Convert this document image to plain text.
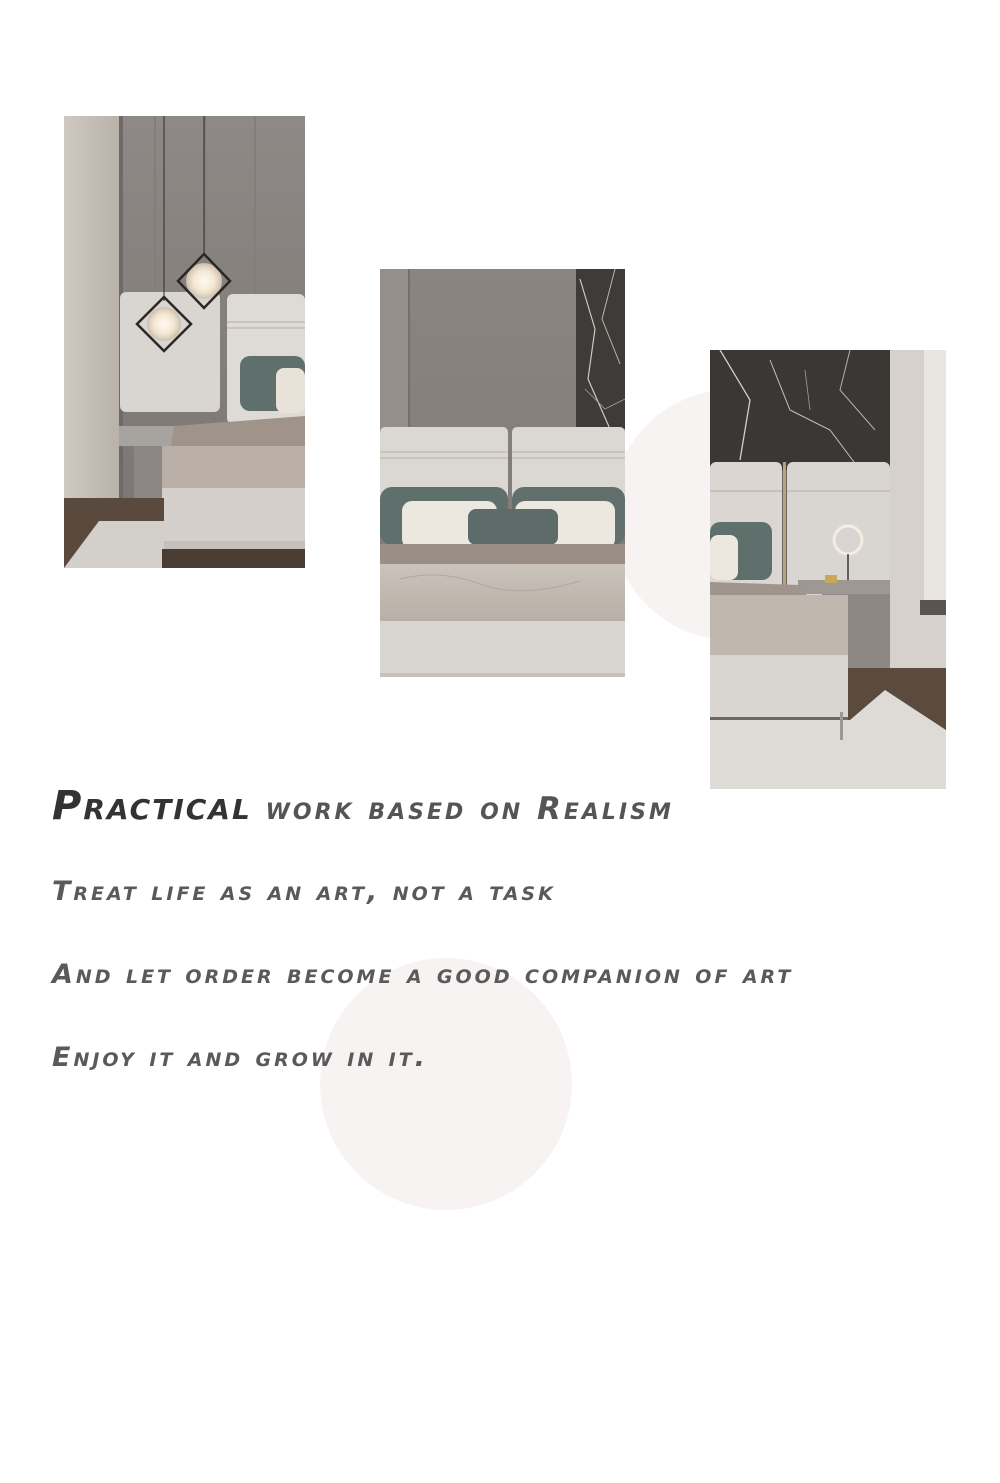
Practical work based on Realism

Treat life as an art, not a task

And let order become a good companion of art

Enjoy it and grow in it.
